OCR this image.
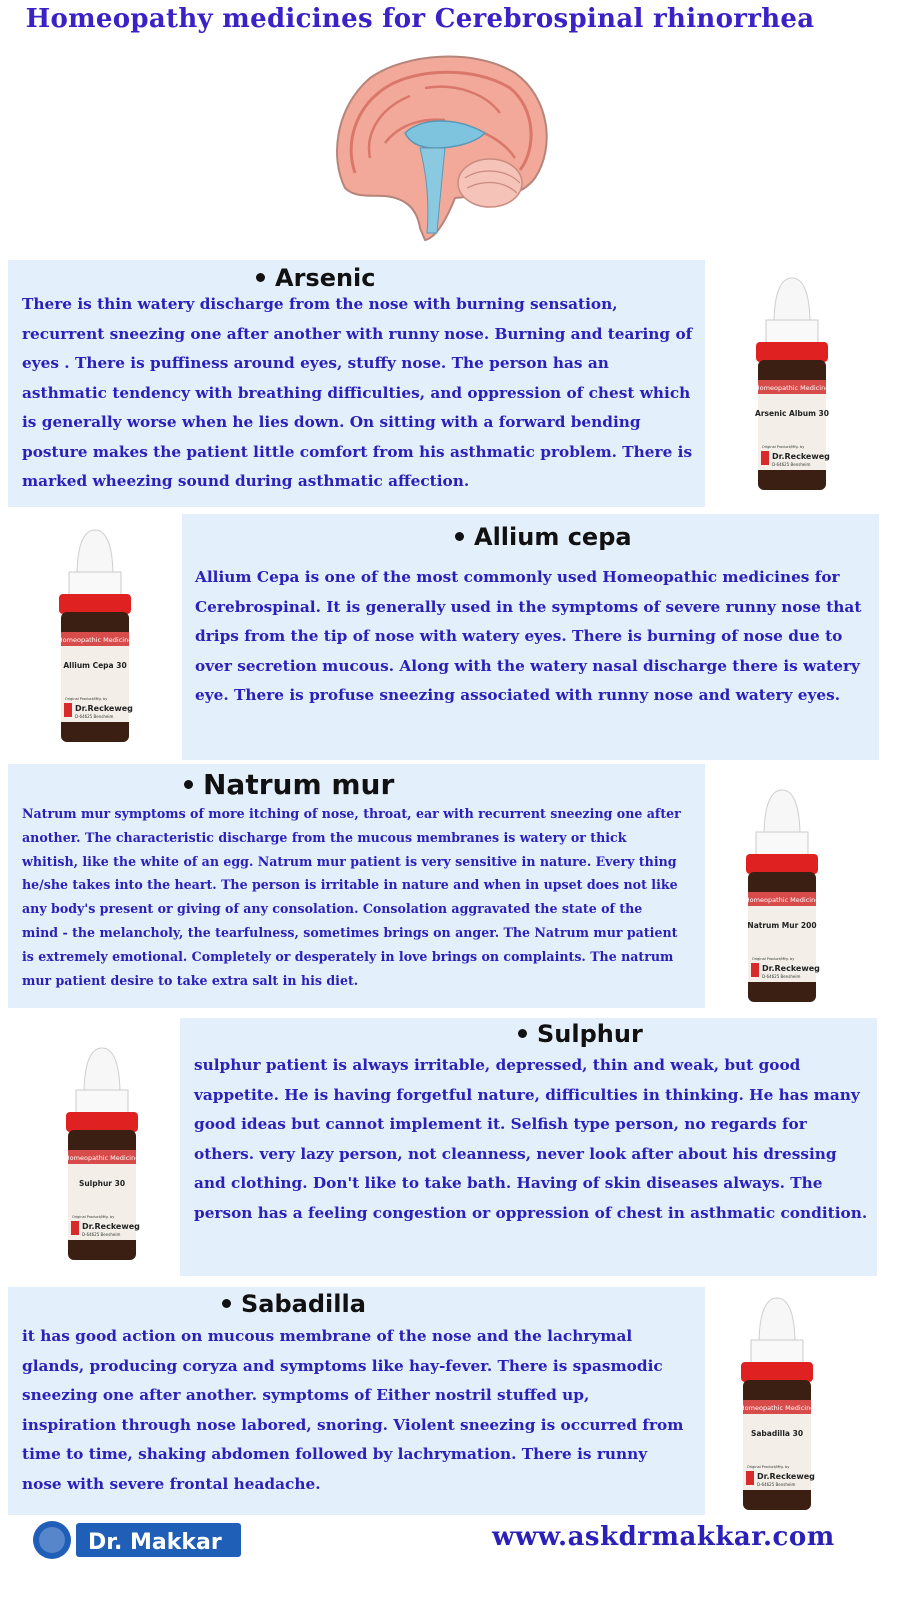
Homeopathy medicines for Cerebrospinal rhinorrhea
Arsenic
There is thin watery discharge from the nose with burning sensation, recurrent sneezing one after another with runny nose. Burning and tearing of eyes . There is puffiness around eyes, stuffy nose. The person has an asthmatic tendency with breathing difficulties, and oppression of chest which is generally worse when he lies down. On sitting with a forward bending posture makes the patient little comfort from his asthmatic problem. There is marked wheezing sound during asthmatic affection.
Allium cepa
Allium Cepa is one of the most commonly used Homeopathic medicines for Cerebrospinal. It is generally used in the symptoms of severe runny nose that drips from the tip of nose with watery eyes. There is burning of nose due to over secretion mucous. Along with the watery nasal discharge there is watery eye. There is profuse sneezing associated with runny nose and watery eyes.
Natrum mur
Natrum mur symptoms of more itching of nose, throat, ear with recurrent sneezing one after another. The characteristic discharge from the mucous membranes is watery or thick whitish, like the white of an egg. Natrum mur patient is very sensitive in nature. Every thing he/she takes into the heart. The person is irritable in nature and when in upset does not like any body's present or giving of any consolation. Consolation aggravated the state of the mind - the melancholy, the tearfulness, sometimes brings on anger. The Natrum mur patient is extremely emotional. Completely or desperately in love brings on complaints. The natrum mur patient desire to take extra salt in his diet.
Sulphur
sulphur patient is always irritable, depressed, thin and weak, but good vappetite. He is having forgetful nature, difficulties in thinking. He has many good ideas but cannot implement it. Selfish type person, no regards for others. very lazy person, not cleanness, never look after about his dressing and clothing. Don't like to take bath. Having of skin diseases always. The person has a feeling congestion or oppression of chest in asthmatic condition.
Sabadilla
it has good action on mucous membrane of the nose and the lachrymal glands, producing coryza and symptoms like hay-fever. There is spasmodic sneezing one after another. symptoms of Either nostril stuffed up, inspiration through nose labored, snoring. Violent sneezing is occurred from time to time, shaking abdomen followed by lachrymation. There is runny nose with severe frontal headache.
Homeopathic Medicine
Arsenic Album 30
Original Product/Mfg. by
Dr.Reckeweg
D-64625 Bensheim
Homeopathic Medicine
Allium Cepa 30
Original Product/Mfg. by
Dr.Reckeweg
D-64625 Bensheim
Homeopathic Medicine
Natrum Mur 200
Original Product/Mfg. by
Dr.Reckeweg
D-64625 Bensheim
Homeopathic Medicine
Sulphur 30
Original Product/Mfg. by
Dr.Reckeweg
D-64625 Bensheim
Homeopathic Medicine
Sabadilla 30
Original Product/Mfg. by
Dr.Reckeweg
D-64625 Bensheim
Dr. Makkar	www.askdrmakkar.com
